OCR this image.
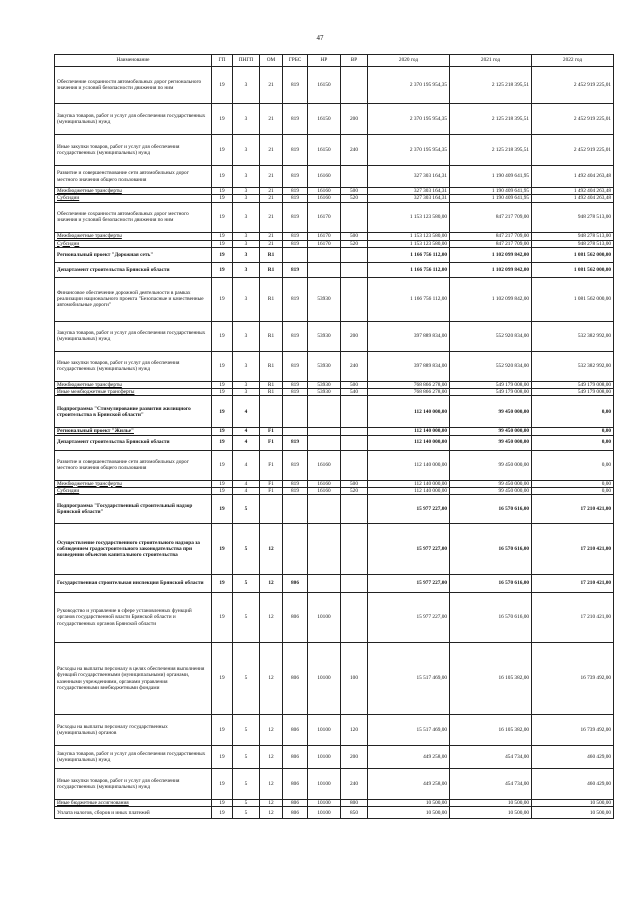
47
Наименование	ГП	ПНГП	ОМ	ГРБС	НР	ВР	2020 год	2021 год	2022 год
Обеспечение сохранности автомобильных дорог регионального значения и условий безопасности движения по ним	19	3	21	819	16150		2 370 195 954,35	2 125 218 395,51	2 452 919 225,01
Закупка товаров, работ и услуг для обеспечения государственных (муниципальных) нужд	19	3	21	819	16150	200	2 370 195 954,35	2 125 218 395,51	2 452 919 225,01
Иные закупки товаров, работ и услуг для обеспечения государственных (муниципальных) нужд	19	3	21	819	16150	240	2 370 195 954,35	2 125 218 395,51	2 452 919 225,01
Развитие и совершенствование сети автомобильных дорог местного значения общего пользования	19	3	21	819	16160		327 303 164,31	1 190 409 641,95	1 492 404 263,48
Межбюджетные трансферты	19	3	21	819	16160	500	327 303 164,31	1 190 409 641,95	1 492 404 263,48
Субсидии	19	3	21	819	16160	520	327 303 164,31	1 190 409 641,95	1 492 404 263,48
Обеспечение сохранности автомобильных дорог местного значения и условий безопасности движения по ним	19	3	21	819	16170		1 153 123 580,00	847 217 709,00	948 278 513,00
Межбюджетные трансферты	19	3	21	819	16170	500	1 153 123 580,00	847 217 709,00	948 278 513,00
Субсидии	19	3	21	819	16170	520	1 153 123 580,00	847 217 709,00	948 278 513,00
Региональный проект "Дорожная сеть"	19	3	R1				1 166 756 112,00	1 102 099 842,00	1 081 562 000,00
Департамент строительства Брянской области	19	3	R1	819			1 166 756 112,00	1 102 099 842,00	1 081 562 000,00
Финансовое обеспечение дорожной деятельности в рамках реализации национального проекта "Безопасные и качественные автомобильные дороги"	19	3	R1	819	53930		1 166 756 112,00	1 102 099 842,00	1 081 562 000,00
Закупка товаров, работ и услуг для обеспечения государственных (муниципальных) нужд	19	3	R1	819	53930	200	397 889 834,00	552 920 834,00	532 382 992,00
Иные закупки товаров, работ и услуг для обеспечения государственных (муниципальных) нужд	19	3	R1	819	53930	240	397 889 834,00	552 920 834,00	532 382 992,00
Межбюджетные трансферты	19	3	R1	819	53930	500	768 866 278,00	549 179 008,00	549 179 008,00
Иные межбюджетные трансферты	19	3	R1	819	53930	540	768 866 278,00	549 179 008,00	549 179 008,00
Подпрограмма "Стимулирование развития жилищного строительства в Брянской области"	19	4					112 140 000,00	99 450 000,00	0,00
Региональный проект "Жилье"	19	4	F1				112 140 000,00	99 450 000,00	0,00
Департамент строительства Брянской области	19	4	F1	819			112 140 000,00	99 450 000,00	0,00
Развитие и совершенствование сети автомобильных дорог местного значения общего пользования	19	4	F1	819	16160		112 140 000,00	99 450 000,00	0,00
Межбюджетные трансферты	19	4	F1	819	16160	500	112 140 000,00	99 450 000,00	0,00
Субсидии	19	4	F1	819	16160	520	112 140 000,00	99 450 000,00	0,00
Подпрограмма "Государственный строительный надзор Брянской области"	19	5					15 977 227,00	16 570 616,00	17 210 421,00
Осуществление государственного строительного надзора за соблюдением градостроительного законодательства при возведении объектов капитального строительства	19	5	12				15 977 227,00	16 570 616,00	17 210 421,00
Государственная строительная инспекция Брянской области	19	5	12	806			15 977 227,00	16 570 616,00	17 210 421,00
Руководство и управление в сфере установленных функций органов государственной власти Брянской области и государственных органов Брянской области	19	5	12	806	10100		15 977 227,00	16 570 616,00	17 210 421,00
Расходы на выплаты персоналу в целях обеспечения выполнения функций государственными (муниципальными) органами, казенными учреждениями, органами управления государственными внебюджетными фондами	19	5	12	806	10100	100	15 517 469,00	16 105 382,00	16 739 492,00
Расходы на выплаты персоналу государственных (муниципальных) органов	19	5	12	806	10100	120	15 517 469,00	16 105 382,00	16 739 492,00
Закупка товаров, работ и услуг для обеспечения государственных (муниципальных) нужд	19	5	12	806	10100	200	449 258,00	454 734,00	460 429,00
Иные закупки товаров, работ и услуг для обеспечения государственных (муниципальных) нужд	19	5	12	806	10100	240	449 258,00	454 734,00	460 429,00
Иные бюджетные ассигнования	19	5	12	806	10100	800	10 500,00	10 500,00	10 500,00
Уплата налогов, сборов и иных платежей	19	5	12	806	10100	850	10 500,00	10 500,00	10 500,00
